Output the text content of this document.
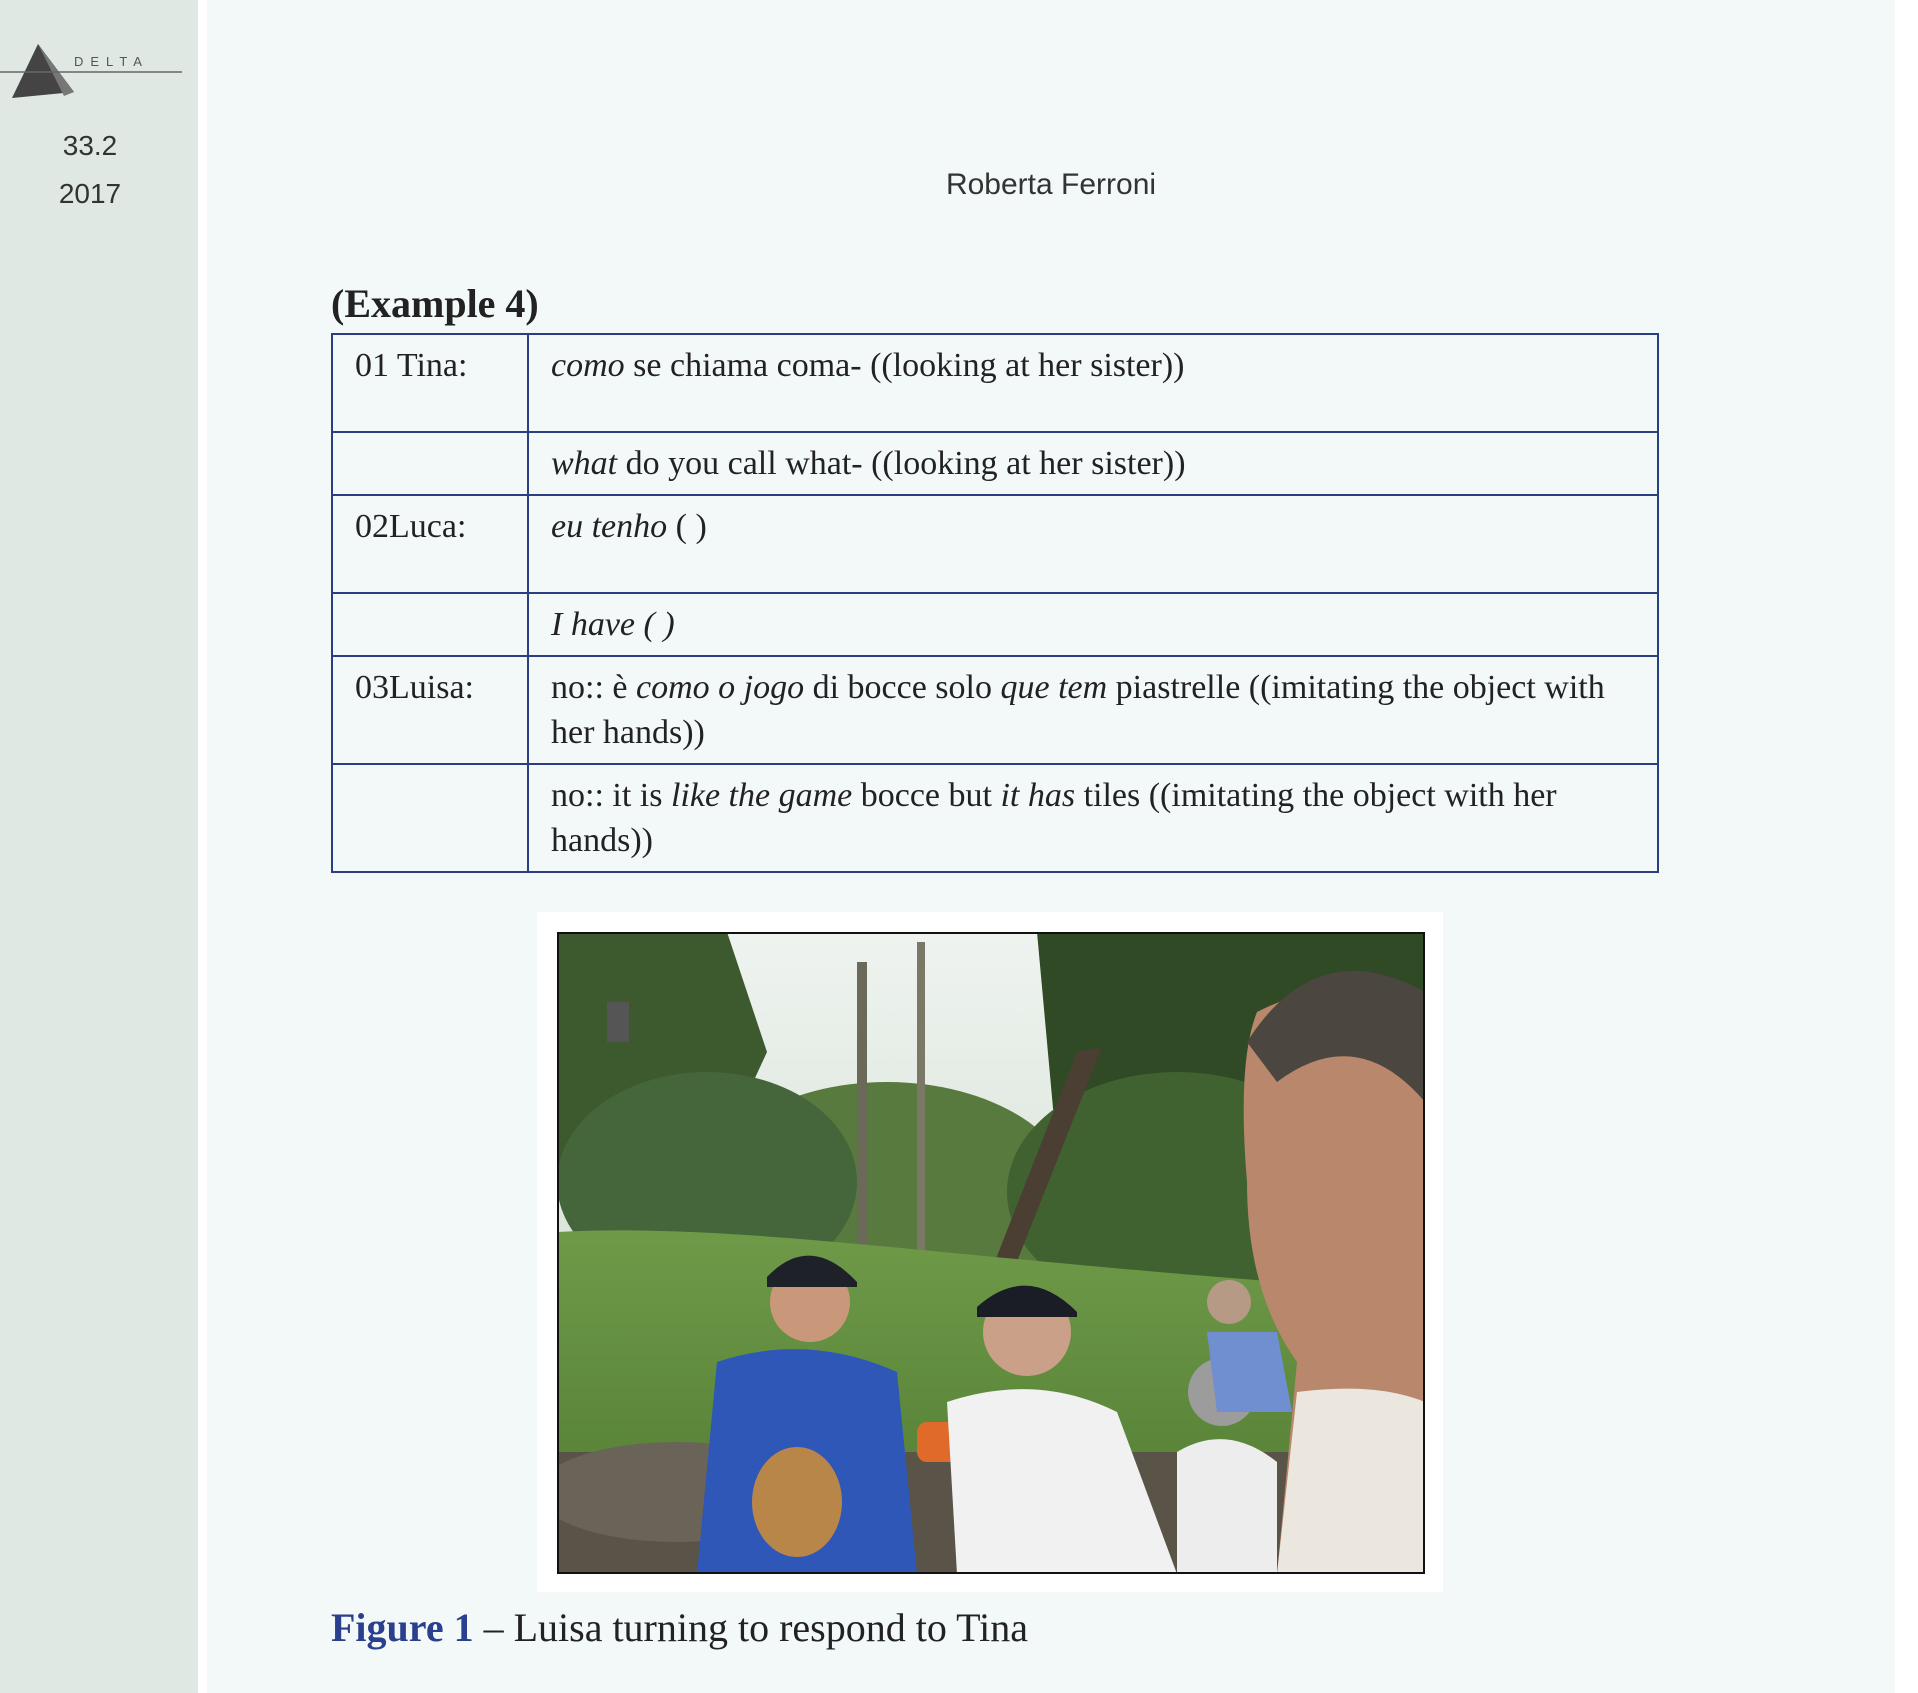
DELTA
33.2
2017	Roberta Ferroni
(Example 4)
01 Tina:	como se chiama coma- ((looking at her sister))
	what do you call what- ((looking at her sister))
02Luca:	eu tenho ( )
	I have ( )
03Luisa:	no:: è como o jogo di bocce solo que tem piastrelle ((imitating the object with her hands))
	no:: it is like the game bocce but it has tiles ((imitating the object with her hands))
Figure 1 – Luisa turning to respond to Tina
